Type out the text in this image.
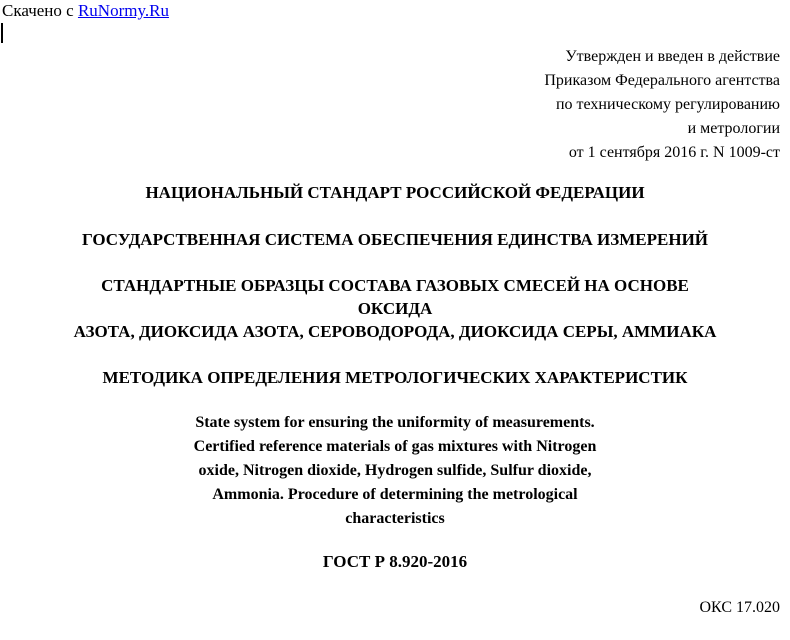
Скачено с RuNormy.Ru
Утвержден и введен в действие
Приказом Федерального агентства
по техническому регулированию
и метрологии
от 1 сентября 2016 г. N 1009-ст
НАЦИОНАЛЬНЫЙ СТАНДАРТ РОССИЙСКОЙ ФЕДЕРАЦИИ
ГОСУДАРСТВЕННАЯ СИСТЕМА ОБЕСПЕЧЕНИЯ ЕДИНСТВА ИЗМЕРЕНИЙ
СТАНДАРТНЫЕ ОБРАЗЦЫ СОСТАВА ГАЗОВЫХ СМЕСЕЙ НА ОСНОВЕ
ОКСИДА
АЗОТА, ДИОКСИДА АЗОТА, СЕРОВОДОРОДА, ДИОКСИДА СЕРЫ, АММИАКА
МЕТОДИКА ОПРЕДЕЛЕНИЯ МЕТРОЛОГИЧЕСКИХ ХАРАКТЕРИСТИК
State system for ensuring the uniformity of measurements.
Certified reference materials of gas mixtures with Nitrogen
oxide, Nitrogen dioxide, Hydrogen sulfide, Sulfur dioxide,
Ammonia. Procedure of determining the metrological
characteristics
ГОСТ Р 8.920-2016
ОКС 17.020
